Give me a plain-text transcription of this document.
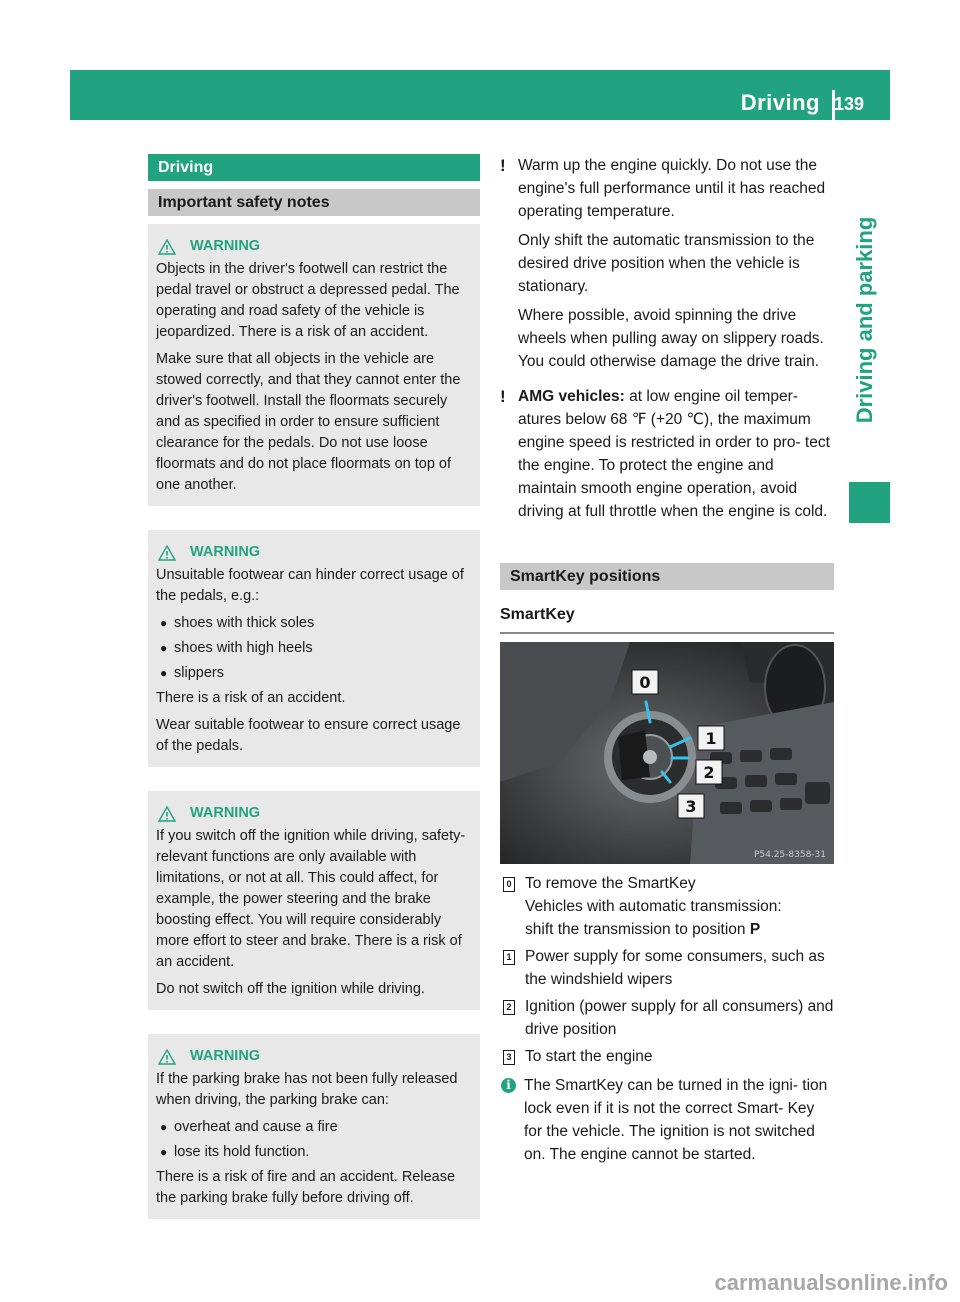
Driving 139
Driving and parking
Driving
Important safety notes
WARNING

Objects in the driver's footwell can restrict the pedal travel or obstruct a depressed pedal. The operating and road safety of the vehicle is jeopardized. There is a risk of an accident.

Make sure that all objects in the vehicle are stowed correctly, and that they cannot enter the driver's footwell. Install the floormats securely and as specified in order to ensure sufficient clearance for the pedals. Do not use loose floormats and do not place floormats on top of one another.

WARNING

Unsuitable footwear can hinder correct usage of the pedals, e.g.:

● shoes with thick soles
● shoes with high heels
● slippers

There is a risk of an accident.

Wear suitable footwear to ensure correct usage of the pedals.

WARNING

If you switch off the ignition while driving, safety-relevant functions are only available with limitations, or not at all. This could affect, for example, the power steering and the brake boosting effect. You will require considerably more effort to steer and brake. There is a risk of an accident.

Do not switch off the ignition while driving.

WARNING

If the parking brake has not been fully released when driving, the parking brake can:

● overheat and cause a fire
● lose its hold function.

There is a risk of fire and an accident. Release the parking brake fully before driving off.

! Warm up the engine quickly. Do not use the engine's full performance until it has reached operating temperature.

Only shift the automatic transmission to the desired drive position when the vehicle is stationary.

Where possible, avoid spinning the drive wheels when pulling away on slippery roads. You could otherwise damage the drive train.

! AMG vehicles: at low engine oil temper- atures below 68 ℉ (+20 ℃), the maximum engine speed is restricted in order to pro- tect the engine. To protect the engine and maintain smooth engine operation, avoid driving at full throttle when the engine is cold.

SmartKey positions
SmartKey
0
1
2
3
P54.25-8358-31
0 To remove the SmartKey

Vehicles with automatic transmission:

shift the transmission to position P

1 Power supply for some consumers, such as the windshield wipers

2 Ignition (power supply for all consumers) and drive position

3 To start the engine

i The SmartKey can be turned in the igni- tion lock even if it is not the correct Smart- Key for the vehicle. The ignition is not switched on. The engine cannot be started.

carmanualsonline.info
